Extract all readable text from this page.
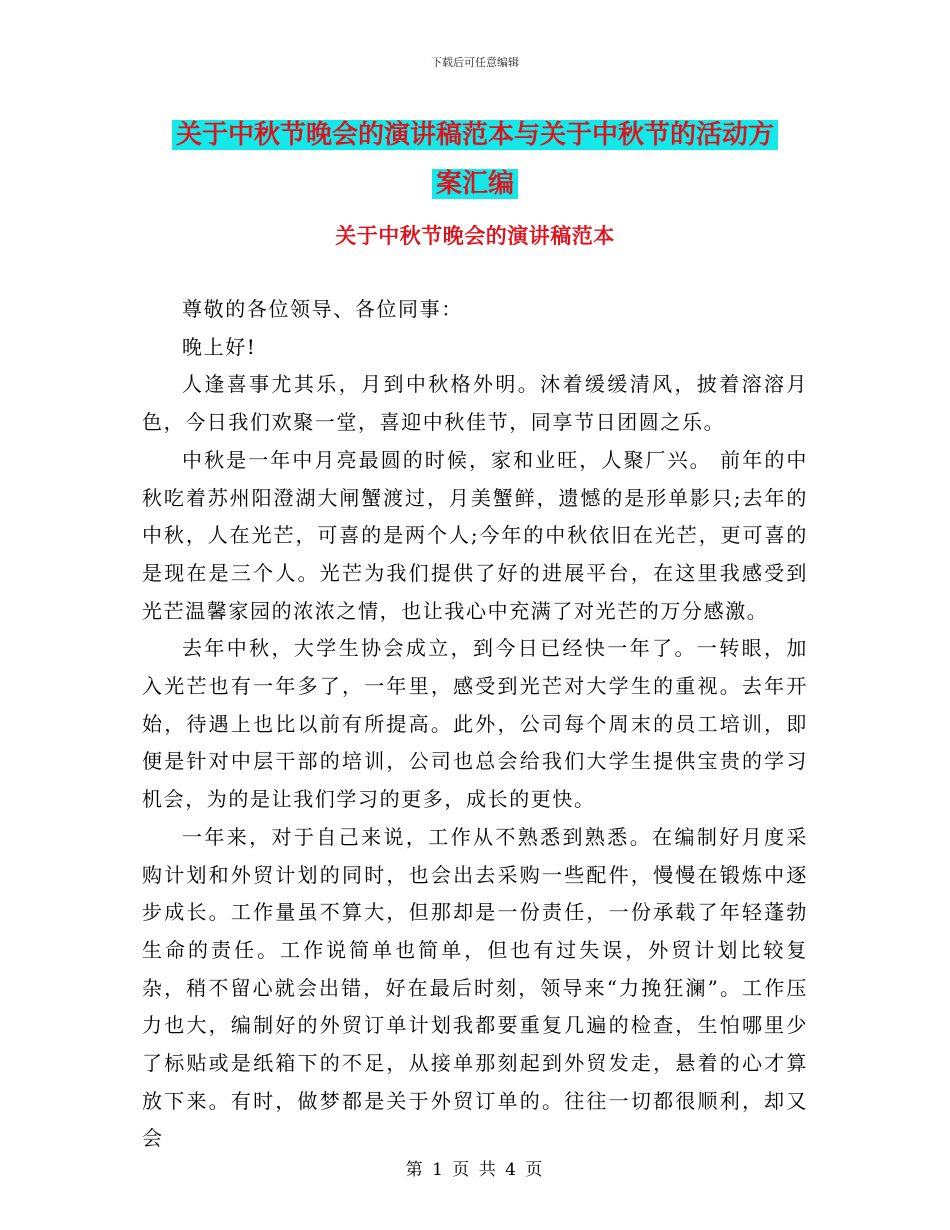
下载后可任意编辑
关于中秋节晚会的演讲稿范本与关于中秋节的活动方
案汇编
关于中秋节晚会的演讲稿范本

尊敬的各位领导、各位同事：

晚上好!

人逢喜事尤其乐，月到中秋格外明。沐着缓缓清风，披着溶溶月色，今日我们欢聚一堂，喜迎中秋佳节，同享节日团圆之乐。

中秋是一年中月亮最圆的时候，家和业旺，人聚厂兴。 前年的中秋吃着苏州阳澄湖大闸蟹渡过，月美蟹鲜，遗憾的是形单影只;去年的中秋，人在光芒，可喜的是两个人;今年的中秋依旧在光芒，更可喜的是现在是三个人。光芒为我们提供了好的进展平台，在这里我感受到光芒温馨家园的浓浓之情，也让我心中充满了对光芒的万分感激。

去年中秋，大学生协会成立，到今日已经快一年了。一转眼，加入光芒也有一年多了，一年里，感受到光芒对大学生的重视。去年开始，待遇上也比以前有所提高。此外，公司每个周末的员工培训，即便是针对中层干部的培训，公司也总会给我们大学生提供宝贵的学习机会，为的是让我们学习的更多，成长的更快。

一年来，对于自己来说，工作从不熟悉到熟悉。在编制好月度采购计划和外贸计划的同时，也会出去采购一些配件，慢慢在锻炼中逐步成长。工作量虽不算大，但那却是一份责任，一份承载了年轻蓬勃生命的责任。工作说简单也简单，但也有过失误，外贸计划比较复杂，稍不留心就会出错，好在最后时刻，领导来“力挽狂澜”。工作压力也大，编制好的外贸订单计划我都要重复几遍的检查，生怕哪里少了标贴或是纸箱下的不足，从接单那刻起到外贸发走，悬着的心才算放下来。有时，做梦都是关于外贸订单的。往往一切都很顺利，却又会

第 1 页 共 4 页
